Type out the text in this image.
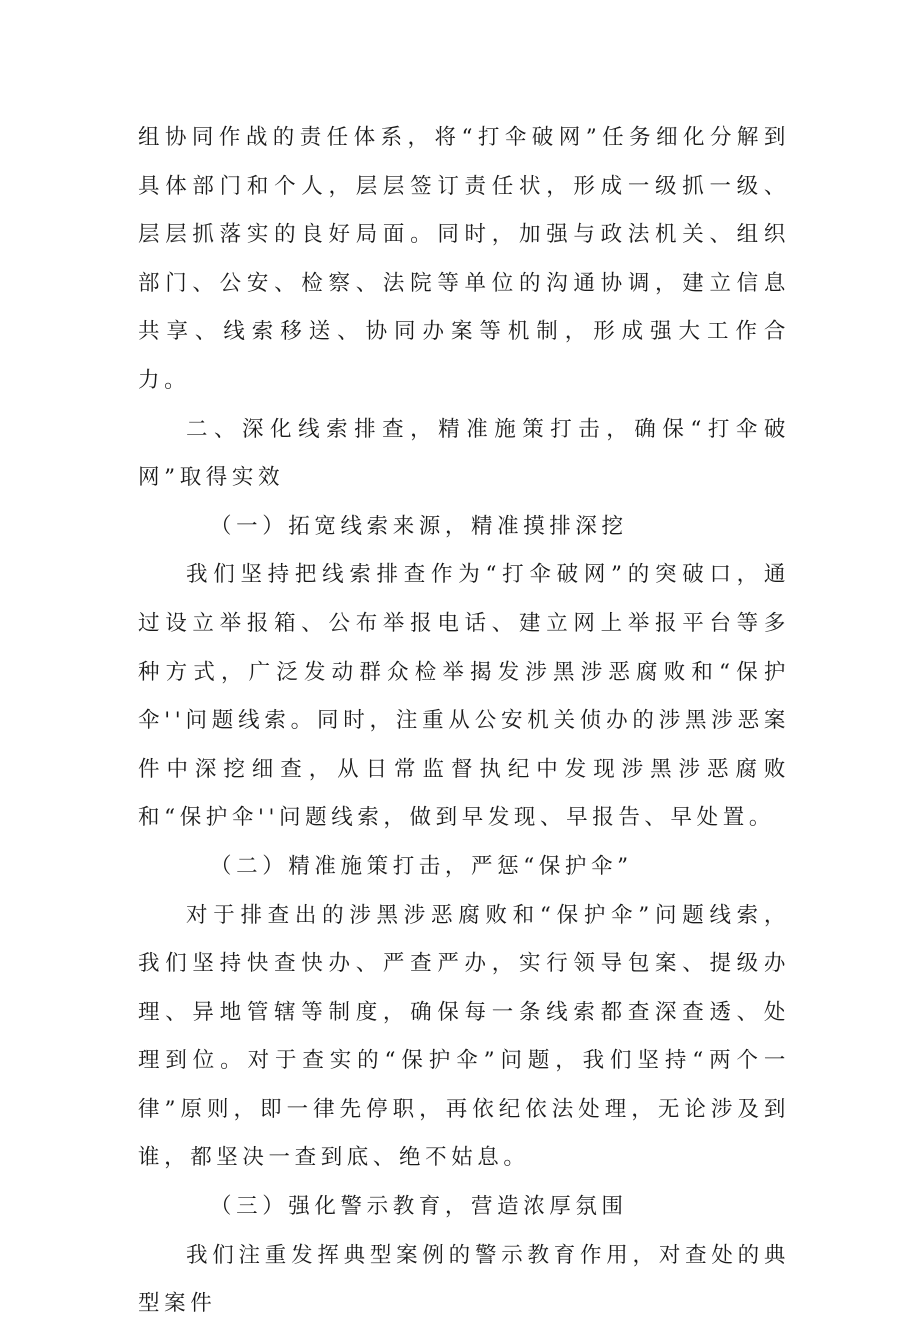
组协同作战的责任体系，将“打伞破网”任务细化分解到具体部门和个人，层层签订责任状，形成一级抓一级、层层抓落实的良好局面。同时，加强与政法机关、组织部门、公安、检察、法院等单位的沟通协调，建立信息共享、线索移送、协同办案等机制，形成强大工作合力。

二、深化线索排查，精准施策打击，确保“打伞破网”取得实效

（一）拓宽线索来源，精准摸排深挖

我们坚持把线索排查作为“打伞破网”的突破口，通过设立举报箱、公布举报电话、建立网上举报平台等多种方式，广泛发动群众检举揭发涉黑涉恶腐败和“保护伞''问题线索。同时，注重从公安机关侦办的涉黑涉恶案件中深挖细查，从日常监督执纪中发现涉黑涉恶腐败和“保护伞''问题线索，做到早发现、早报告、早处置。

（二）精准施策打击，严惩“保护伞”

对于排查出的涉黑涉恶腐败和“保护伞”问题线索，我们坚持快查快办、严查严办，实行领导包案、提级办理、异地管辖等制度，确保每一条线索都查深查透、处理到位。对于查实的“保护伞”问题，我们坚持“两个一律”原则，即一律先停职，再依纪依法处理，无论涉及到谁，都坚决一查到底、绝不姑息。

（三）强化警示教育，营造浓厚氛围

我们注重发挥典型案例的警示教育作用，对查处的典型案件
